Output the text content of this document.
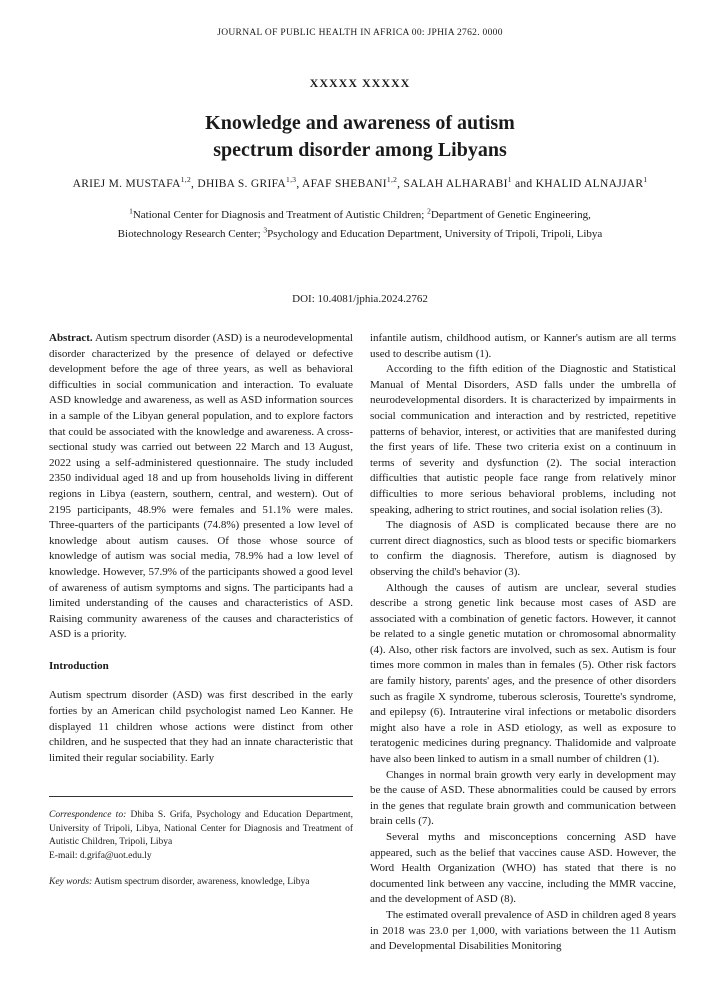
JOURNAL OF PUBLIC HEALTH IN AFRICA 00: JPHIA 2762. 0000
XXXXX XXXXX
Knowledge and awareness of autism
spectrum disorder among Libyans
ARIEJ M. MUSTAFA$^{1,2}$, DHIBA S. GRIFA$^{1,3}$, AFAF SHEBANI$^{1,2}$, SALAH ALHARABI$^1$ and KHALID ALNAJJAR$^1$
$^1$National Center for Diagnosis and Treatment of Autistic Children; $^2$Department of Genetic Engineering,
Biotechnology Research Center; $^3$Psychology and Education Department, University of Tripoli, Tripoli, Libya
DOI: 10.4081/jphia.2024.2762

Abstract. Autism spectrum disorder (ASD) is a neurodevelopmental disorder characterized by the presence of delayed or defective development before the age of three years, as well as behavioral difficulties in social communication and interaction. To evaluate ASD knowledge and awareness, as well as ASD information sources in a sample of the Libyan general population, and to explore factors that could be associated with the knowledge and awareness. A cross-sectional study was carried out between 22 March and 13 August, 2022 using a self-administered questionnaire. The study included 2350 individual aged 18 and up from households living in different regions in Libya (eastern, southern, central, and western). Out of 2195 participants, 48.9% were females and 51.1% were males. Three-quarters of the participants (74.8%) presented a low level of knowledge about autism causes. Of those whose source of knowledge of autism was social media, 78.9% had a low level of knowledge. However, 57.9% of the participants showed a good level of awareness of autism symptoms and signs. The participants had a limited understanding of the causes and characteristics of ASD. Raising community awareness of the causes and characteristics of ASD is a priority.

Introduction

Autism spectrum disorder (ASD) was first described in the early forties by an American child psychologist named Leo Kanner. He displayed 11 children whose actions were distinct from other children, and he suspected that they had an innate characteristic that limited their regular sociability. Early

Correspondence to: Dhiba S. Grifa, Psychology and Education Department, University of Tripoli, Libya, National Center for Diagnosis and Treatment of Autistic Children, Tripoli, Libya
E-mail: d.grifa@uot.edu.ly
Key words: Autism spectrum disorder, awareness, knowledge, Libya

infantile autism, childhood autism, or Kanner's autism are all terms used to describe autism (1).

According to the fifth edition of the Diagnostic and Statistical Manual of Mental Disorders, ASD falls under the umbrella of neurodevelopmental disorders. It is characterized by impairments in social communication and interaction and by restricted, repetitive patterns of behavior, interest, or activities that are manifested during the first years of life. These two criteria exist on a continuum in terms of severity and dysfunction (2). The social interaction difficulties that autistic people face range from relatively minor difficulties to more serious behavioral problems, including not speaking, adhering to strict routines, and social isolation relies (3).

The diagnosis of ASD is complicated because there are no current direct diagnostics, such as blood tests or specific biomarkers to confirm the diagnosis. Therefore, autism is diagnosed by observing the child's behavior (3).

Although the causes of autism are unclear, several studies describe a strong genetic link because most cases of ASD are associated with a combination of genetic factors. However, it cannot be related to a single genetic mutation or chromosomal abnormality (4). Also, other risk factors are involved, such as sex. Autism is four times more common in males than in females (5). Other risk factors are family history, parents' ages, and the presence of other disorders such as fragile X syndrome, tuberous sclerosis, Tourette's syndrome, and epilepsy (6). Intrauterine viral infections or metabolic disorders might also have a role in ASD etiology, as well as exposure to teratogenic medicines during pregnancy. Thalidomide and valproate have also been linked to autism in a small number of children (1).

Changes in normal brain growth very early in development may be the cause of ASD. These abnormalities could be caused by errors in the genes that regulate brain growth and communication between brain cells (7).

Several myths and misconceptions concerning ASD have appeared, such as the belief that vaccines cause ASD. However, the Word Health Organization (WHO) has stated that there is no documented link between any vaccine, including the MMR vaccine, and the development of ASD (8).

The estimated overall prevalence of ASD in children aged 8 years in 2018 was 23.0 per 1,000, with variations between the 11 Autism and Developmental Disabilities Monitoring
